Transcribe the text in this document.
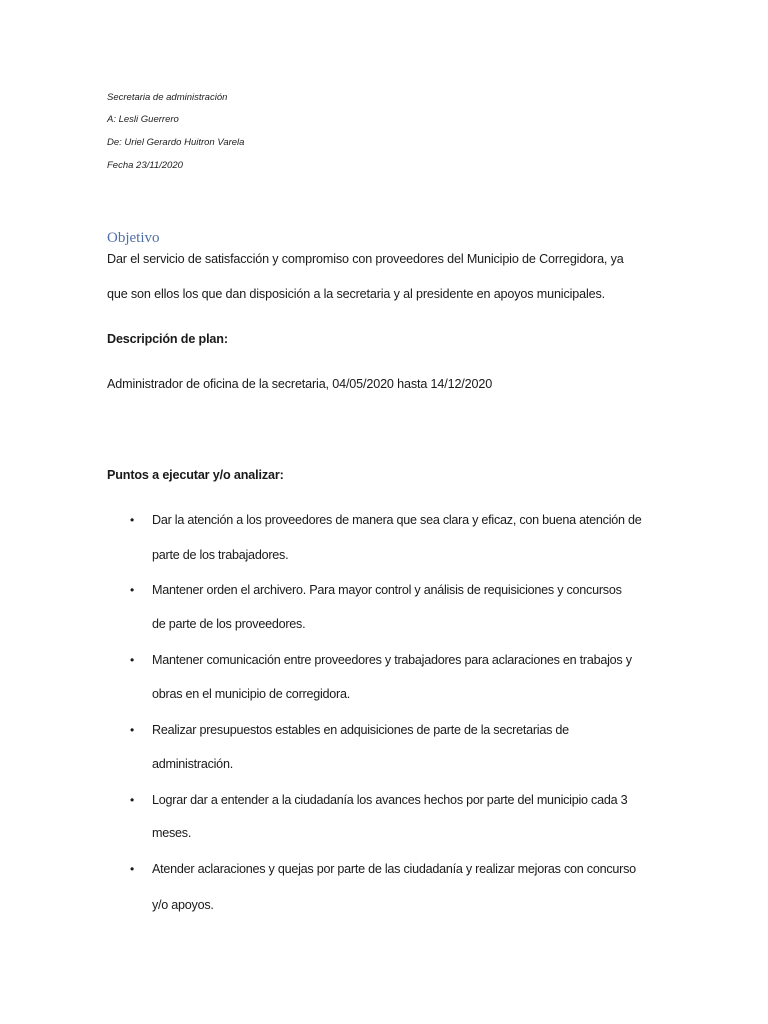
Secretaria de administración
A: Lesli Guerrero
De: Uriel Gerardo Huitron Varela
Fecha 23/11/2020
Objetivo
Dar el servicio de satisfacción y compromiso con proveedores del Municipio de Corregidora, ya
que son ellos los que dan disposición a la secretaria y al presidente en apoyos municipales.
Descripción de plan:
Administrador de oficina de la secretaria, 04/05/2020 hasta 14/12/2020
Puntos a ejecutar y/o analizar:
• Dar la atención a los proveedores de manera que sea clara y eficaz, con buena atención de
parte de los trabajadores.
• Mantener orden el archivero. Para mayor control y análisis de requisiciones y concursos
de parte de los proveedores.
• Mantener comunicación entre proveedores y trabajadores para aclaraciones en trabajos y
obras en el municipio de corregidora.
• Realizar presupuestos estables en adquisiciones de parte de la secretarias de
administración.
• Lograr dar a entender a la ciudadanía los avances hechos por parte del municipio cada 3
meses.
• Atender aclaraciones y quejas por parte de las ciudadanía y realizar mejoras con concurso
y/o apoyos.
